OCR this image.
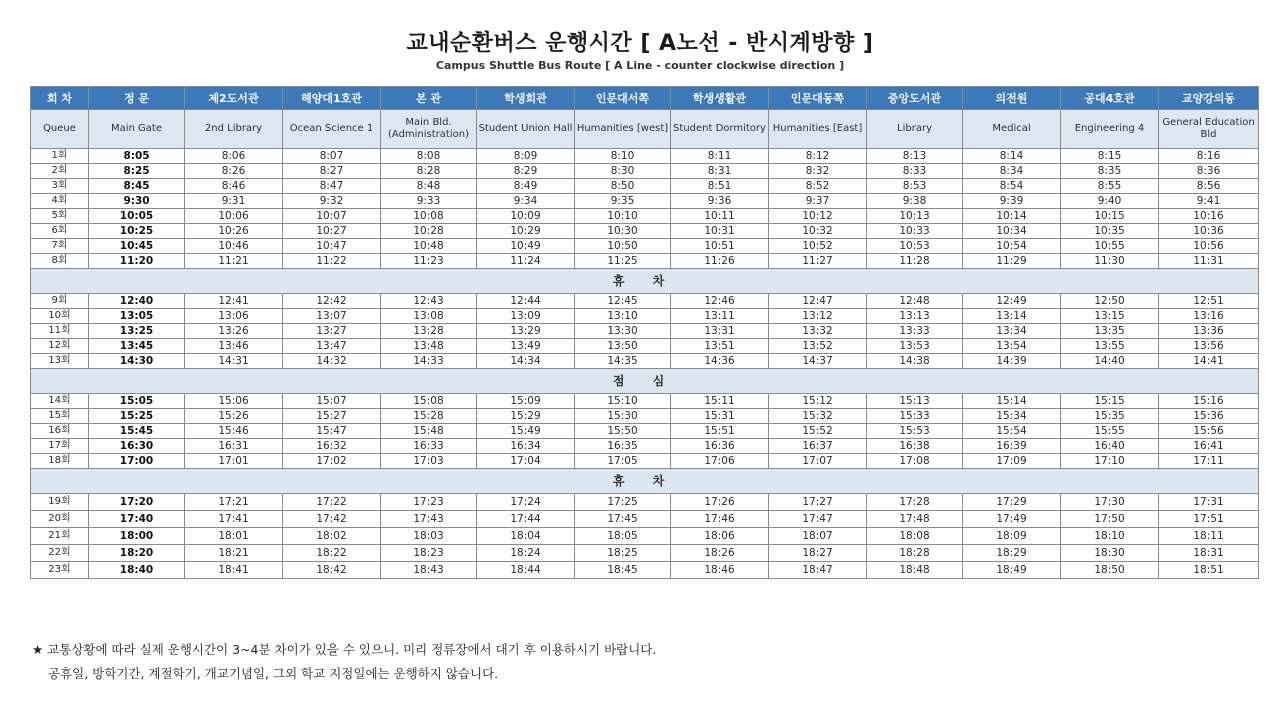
교내순환버스 운행시간 [ A노선 - 반시계방향 ]
Campus Shuttle Bus Route [ A Line - counter clockwise direction ]
회 차	정 문	제2도서관	해양대1호관	본 관	학생회관	인문대서쪽	학생생활관	인문대동쪽	중앙도서관	의전원	공대4호관	교양강의동
Queue	Main Gate	2nd Library	Ocean Science 1	Main Bld. (Administration)	Student Union Hall	Humanities [west]	Student Dormitory	Humanities [East]	Library	Medical	Engineering 4	General Education Bld
1회	8:05	8:06	8:07	8:08	8:09	8:10	8:11	8:12	8:13	8:14	8:15	8:16
2회	8:25	8:26	8:27	8:28	8:29	8:30	8:31	8:32	8:33	8:34	8:35	8:36
3회	8:45	8:46	8:47	8:48	8:49	8:50	8:51	8:52	8:53	8:54	8:55	8:56
4회	9:30	9:31	9:32	9:33	9:34	9:35	9:36	9:37	9:38	9:39	9:40	9:41
5회	10:05	10:06	10:07	10:08	10:09	10:10	10:11	10:12	10:13	10:14	10:15	10:16
6회	10:25	10:26	10:27	10:28	10:29	10:30	10:31	10:32	10:33	10:34	10:35	10:36
7회	10:45	10:46	10:47	10:48	10:49	10:50	10:51	10:52	10:53	10:54	10:55	10:56
8회	11:20	11:21	11:22	11:23	11:24	11:25	11:26	11:27	11:28	11:29	11:30	11:31
휴 차												
9회	12:40	12:41	12:42	12:43	12:44	12:45	12:46	12:47	12:48	12:49	12:50	12:51
10회	13:05	13:06	13:07	13:08	13:09	13:10	13:11	13:12	13:13	13:14	13:15	13:16
11회	13:25	13:26	13:27	13:28	13:29	13:30	13:31	13:32	13:33	13:34	13:35	13:36
12회	13:45	13:46	13:47	13:48	13:49	13:50	13:51	13:52	13:53	13:54	13:55	13:56
13회	14:30	14:31	14:32	14:33	14:34	14:35	14:36	14:37	14:38	14:39	14:40	14:41
점 심												
14회	15:05	15:06	15:07	15:08	15:09	15:10	15:11	15:12	15:13	15:14	15:15	15:16
15회	15:25	15:26	15:27	15:28	15:29	15:30	15:31	15:32	15:33	15:34	15:35	15:36
16회	15:45	15:46	15:47	15:48	15:49	15:50	15:51	15:52	15:53	15:54	15:55	15:56
17회	16:30	16:31	16:32	16:33	16:34	16:35	16:36	16:37	16:38	16:39	16:40	16:41
18회	17:00	17:01	17:02	17:03	17:04	17:05	17:06	17:07	17:08	17:09	17:10	17:11
휴 차												
19회	17:20	17:21	17:22	17:23	17:24	17:25	17:26	17:27	17:28	17:29	17:30	17:31
20회	17:40	17:41	17:42	17:43	17:44	17:45	17:46	17:47	17:48	17:49	17:50	17:51
21회	18:00	18:01	18:02	18:03	18:04	18:05	18:06	18:07	18:08	18:09	18:10	18:11
22회	18:20	18:21	18:22	18:23	18:24	18:25	18:26	18:27	18:28	18:29	18:30	18:31
23회	18:40	18:41	18:42	18:43	18:44	18:45	18:46	18:47	18:48	18:49	18:50	18:51
★ 교통상황에 따라 실제 운행시간이 3~4분 차이가 있을 수 있으니. 미리 정류장에서 대기 후 이용하시기 바랍니다.
공휴일, 방학기간, 계절학기, 개교기념일, 그외 학교 지정일에는 운행하지 않습니다.
